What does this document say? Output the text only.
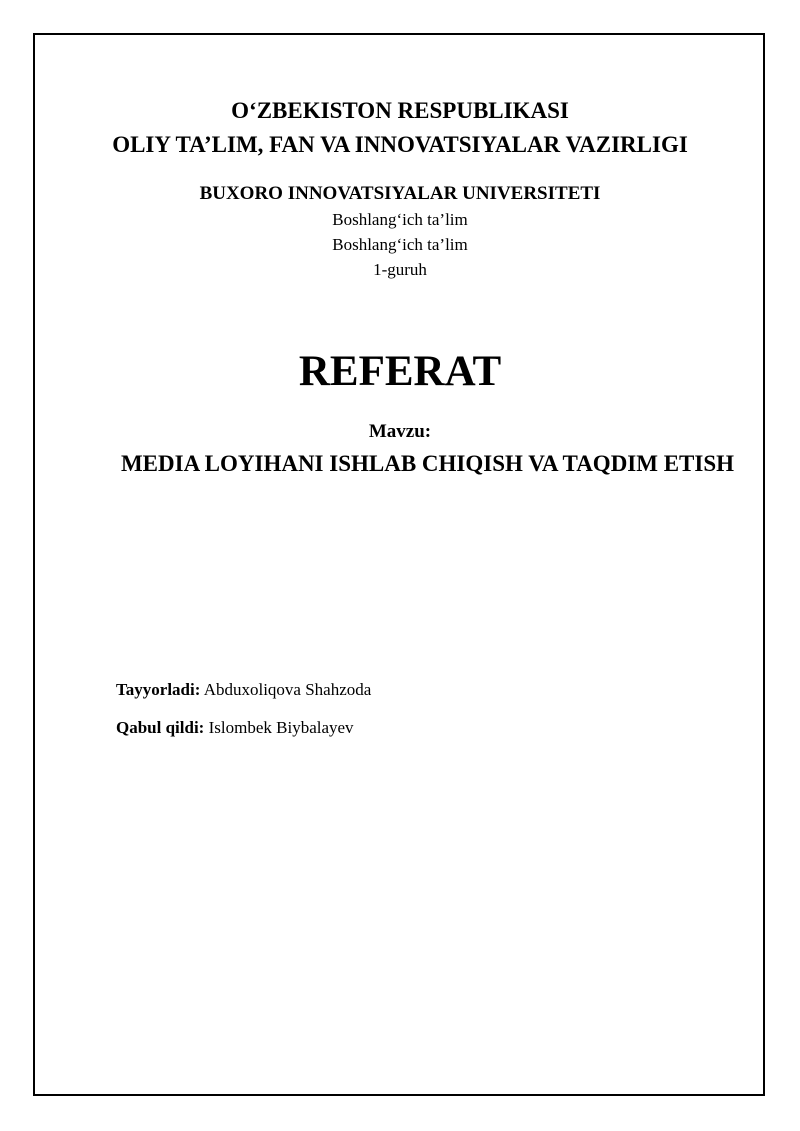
O‘ZBEKISTON RESPUBLIKASI
OLIY TA’LIM, FAN VA INNOVATSIYALAR VAZIRLIGI
BUXORO INNOVATSIYALAR UNIVERSITETI
Boshlang‘ich ta’lim
Boshlang‘ich ta’lim
1-guruh
REFERAT
Mavzu:
MEDIA LOYIHANI ISHLAB CHIQISH VA TAQDIM ETISH
Tayyorladi: Abduxoliqova Shahzoda
Qabul qildi: Islombek Biybalayev
